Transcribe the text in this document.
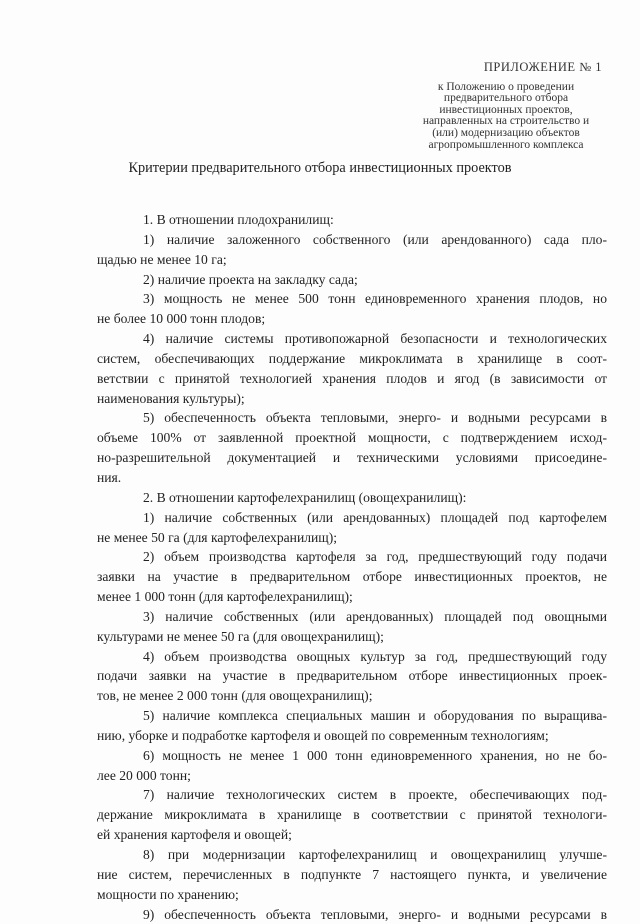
ПРИЛОЖЕНИЕ № 1
к Положению о проведении
предварительного отбора
инвестиционных проектов,
направленных на строительство и
(или) модернизацию объектов
агропромышленного комплекса
Критерии предварительного отбора инвестиционных проектов
1. В отношении плодохранилищ:
1) наличие заложенного собственного (или арендованного) сада пло-
щадью не менее 10 га;
2) наличие проекта на закладку сада;
3) мощность не менее 500 тонн единовременного хранения плодов, но
не более 10 000 тонн плодов;
4) наличие системы противопожарной безопасности и технологических
систем, обеспечивающих поддержание микроклимата в хранилище в соот-
ветствии с принятой технологией хранения плодов и ягод (в зависимости от
наименования культуры);
5) обеспеченность объекта тепловыми, энерго- и водными ресурсами в
объеме 100% от заявленной проектной мощности, с подтверждением исход-
но-разрешительной документацией и техническими условиями присоедине-
ния.
2. В отношении картофелехранилищ (овощехранилищ):
1) наличие собственных (или арендованных) площадей под картофелем
не менее 50 га (для картофелехранилищ);
2) объем производства картофеля за год, предшествующий году подачи
заявки на участие в предварительном отборе инвестиционных проектов, не
менее 1 000 тонн (для картофелехранилищ);
3) наличие собственных (или арендованных) площадей под овощными
культурами не менее 50 га (для овощехранилищ);
4) объем производства овощных культур за год, предшествующий году
подачи заявки на участие в предварительном отборе инвестиционных проек-
тов, не менее 2 000 тонн (для овощехранилищ);
5) наличие комплекса специальных машин и оборудования по выращива-
нию, уборке и подработке картофеля и овощей по современным технологиям;
6) мощность не менее 1 000 тонн единовременного хранения, но не бо-
лее 20 000 тонн;
7) наличие технологических систем в проекте, обеспечивающих под-
держание микроклимата в хранилище в соответствии с принятой технологи-
ей хранения картофеля и овощей;
8) при модернизации картофелехранилищ и овощехранилищ улучше-
ние систем, перечисленных в подпункте 7 настоящего пункта, и увеличение
мощности по хранению;
9) обеспеченность объекта тепловыми, энерго- и водными ресурсами в
